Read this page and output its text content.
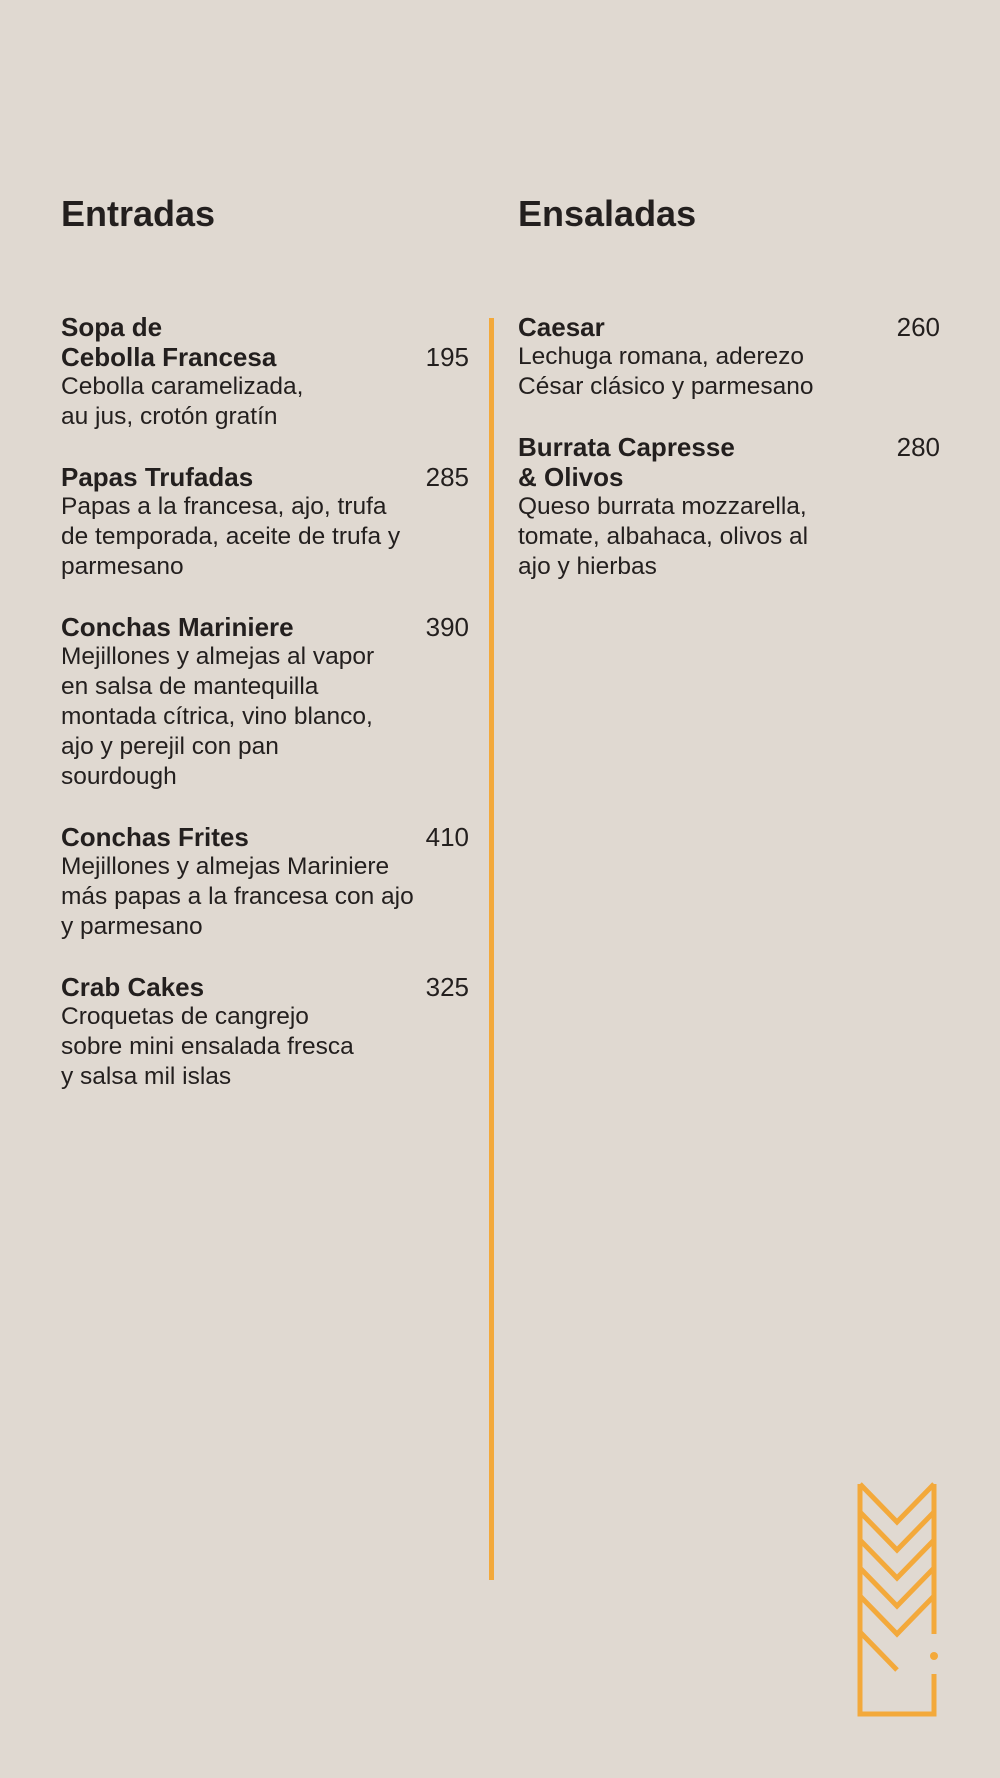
Entradas	Ensaladas
195
Sopa de
Cebolla Francesa
Cebolla caramelizada,
au jus, crotón gratín
285
Papas Trufadas
Papas a la francesa, ajo, trufa
de temporada, aceite de trufa y
parmesano
390
Conchas Mariniere
Mejillones y almejas al vapor
en salsa de mantequilla
montada cítrica, vino blanco,
ajo y perejil con pan
sourdough
410
Conchas Frites
Mejillones y almejas Mariniere
más papas a la francesa con ajo
y parmesano
325
Crab Cakes
Croquetas de cangrejo
sobre mini ensalada fresca
y salsa mil islas
260
Caesar
Lechuga romana, aderezo
César clásico y parmesano
280
Burrata Capresse
& Olivos
Queso burrata mozzarella,
tomate, albahaca, olivos al
ajo y hierbas
